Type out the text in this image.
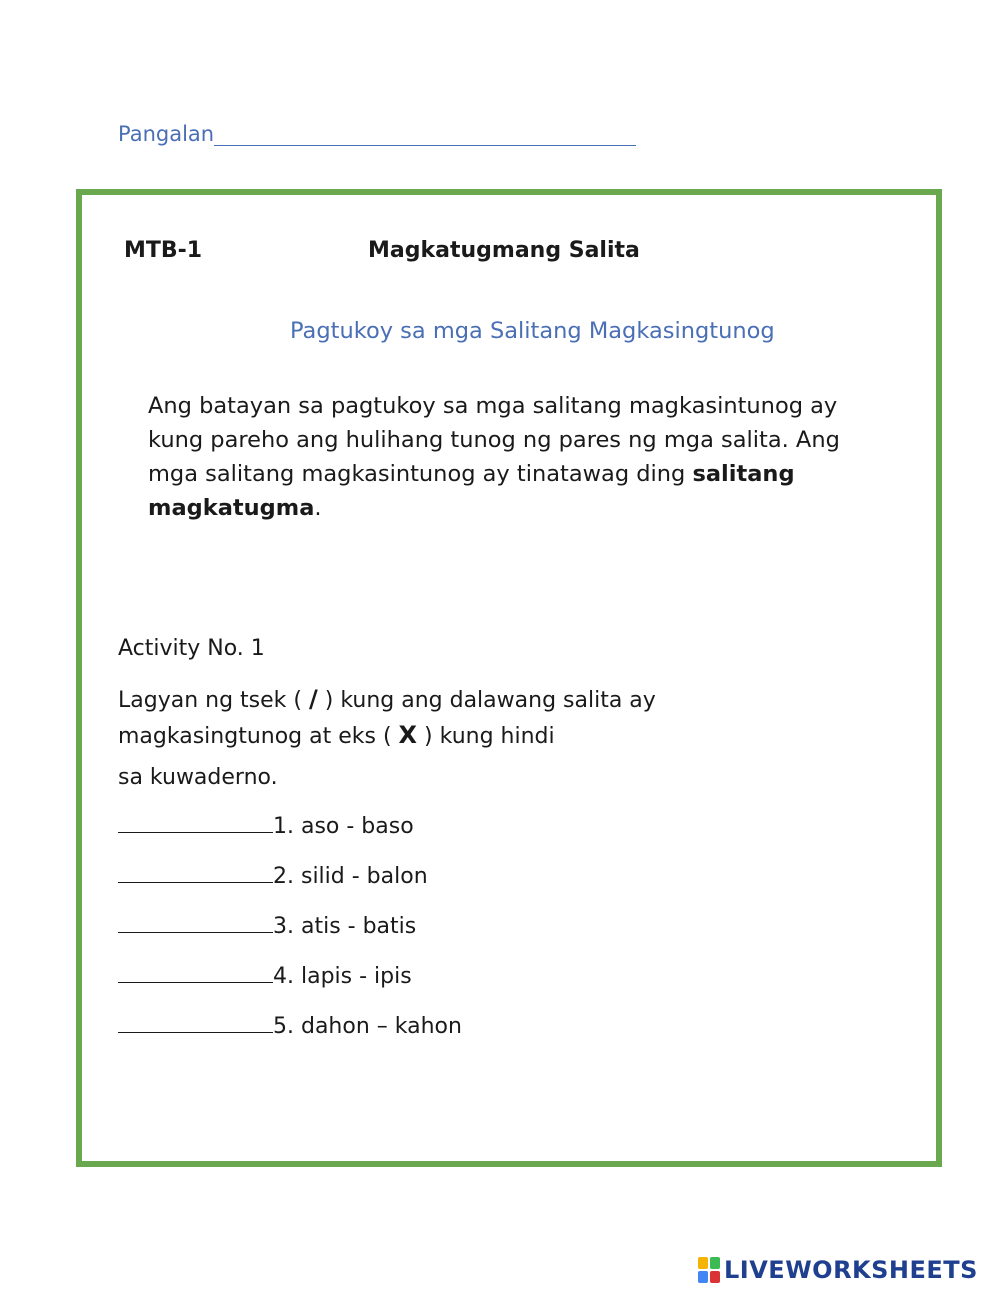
Pangalan
MTB-1	Magkatugmang Salita
Pagtukoy sa mga Salitang Magkasingtunog
Ang batayan sa pagtukoy sa mga salitang magkasintunog ay kung pareho ang hulihang tunog ng pares ng mga salita. Ang mga salitang magkasintunog ay tinatawag ding salitang magkatugma.
Activity No. 1
Lagyan ng tsek ( / ) kung ang dalawang salita ay magkasingtunog at eks ( X ) kung hindi
sa kuwaderno.
1. aso - baso
2. silid - balon
3. atis - batis
4. lapis - ipis
5. dahon – kahon
LIVEWORKSHEETS
